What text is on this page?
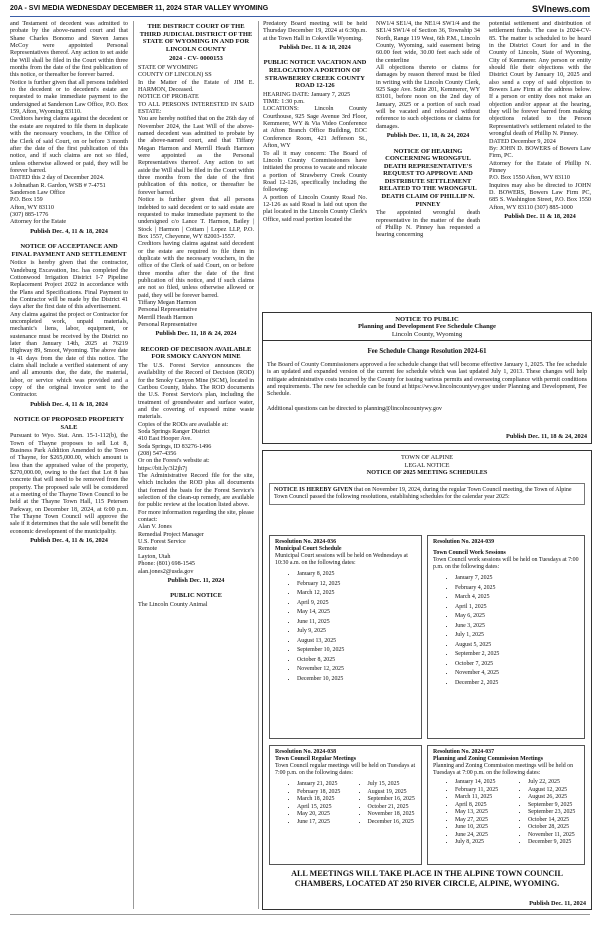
20A - SVI MEDIA WEDNESDAY DECEMBER 11, 2024 STAR VALLEY WYOMING	SVInews.com

and Testament of decedent was admitted to probate by the above-named court and that Shane Charles Bonomo and Steven James McCoy were appointed Personal Representatives thereof. Any action to set aside the Will shall be filed in the Court within three months from the date of the first publication of this notice, or thereafter be forever barred.

Notice is further given that all persons indebted to the decedent or to decedent's estate are requested to make immediate payment to the undersigned at Sanderson Law Office, P.O. Box 159, Afton, Wyoming 83110.

Creditors having claims against the decedent or the estate are required to file them in duplicate with the necessary vouchers, in the Office of the Clerk of said Court, on or before 3 month after the date of the first publication of this notice, and if such claims are not so filed, unless otherwise allowed or paid, they will be forever barred.

DATED this 2 day of December 2024.

s Johnathan R. Gardon, WSB # 7-4751

Sanderson Law Office

P.O. Box 159

Afton, WY 83110

(307) 885-1776

Attorney for the Estate

Publish Dec. 4, 11 & 18, 2024
NOTICE OF ACCEPTANCE AND FINAL PAYMENT AND SETTLEMENT

Notice is hereby given that the contractor, Vandeburg Excavation, Inc. has completed the Cottonwood Irrigation District I-7 Pipeline Replacement Project 2022 in accordance with the Plans and Specifications. Final Payment to the Contractor will be made by the District 41 days after the first date of this advertisement.

Any claims against the project or Contractor for uncompleted work, unpaid materials, mechanic's liens, labor, equipment, or sustenance must be received by the District no later than January 14th, 2025 at 76219 Highway 89, Smoot, Wyoming. The above date is 41 days from the date of this notice. The claim shall include a verified statement of any and all amounts due, the date, the material, labor, or service which was provided and a copy of the original invoice sent to the Contractor.

Publish Dec. 4, 11 & 18, 2024
NOTICE OF PROPOSED PROPERTY SALE

Pursuant to Wyo. Stat. Ann. 15-1-112(b), the Town of Thayne proposes to sell Lot 8, Business Park Addition Amended to the Town of Thayne, for $265,000.00, which amount is less than the appraised value of the property, $270,000.00, owing to the fact that Lot 8 has concrete that will need to be removed from the property. The proposed sale will be considered at a meeting of the Thayne Town Council to be held at the Thayne Town Hall, 115 Petersen Parkway, on December 18, 2024, at 6:00 p.m. The Thayne Town Council will approve the sale if it determines that the sale will benefit the economic development of the municipality.

Publish Dec. 4, 11 & 16, 2024
THE DISTRICT COURT OF THE THIRD JUDICIAL DISTRICT OF THE STATE OF WYOMING IN AND FOR LINCOLN COUNTY
2024 - CV- 0000153

STATE OF WYOMING

COUNTY OF LINCOLN) SS

In the Matter of the Estate of JIM E. HARMON, Deceased.

NOTICE OF PROBATE

TO ALL PERSONS INTERESTED IN SAID ESTATE:

You are hereby notified that on the 26th day of November 2024, the Last Will of the above-named decedent was admitted to probate by the above-named court, and that Tiffany Megan Harmon and Merrill Heath Harmon were appointed as the Personal Representatives thereof. Any action to set aside the Will shall be filed in the Court within three months from the date of the first publication of this notice, or thereafter be forever barred.

Notice is further given that all persons indebted to said decedent or to said estate are requested to make immediate payment to the undersigned c/o Lance T. Harmon, Bailey | Stock | Harmon | Cottam | Lopez LLP, P.O. Box 1557, Cheyenne, WY 82003-1557.

Creditors having claims against said decedent or the estate are required to file them in duplicate with the necessary vouchers, in the office of the Clerk of said Court, on or before three months after the date of the first publication of this notice, and if such claims are not so filed, unless otherwise allowed or paid, they will be forever barred.

Tiffany Megan Harmon

Personal Representative

Merrill Heath Harmon

Personal Representative

Publish Dec. 11, 18 & 24, 2024
RECORD OF DECISION AVAILABLE FOR SMOKY CANYON MINE

The U.S. Forest Service announces the availability of the Record of Decision (ROD) for the Smoky Canyon Mine (SCM), located in Caribou County, Idaho. The ROD documents the U.S. Forest Service's plan, including the treatment of groundwater and surface water, and the covering of exposed mine waste materials.

Copies of the RODs are available at:

Soda Springs Ranger District

410 East Hooper Ave.

Soda Springs, ID 83276-1496

(208) 547-4356

Or on the Forest's website at:

https://bit.ly/3l2jh7j

The Administrative Record file for the site, which includes the ROD plus all documents that formed the basis for the Forest Service's selection of the clean-up remedy, are available for public review at the location listed above.

For more information regarding the site, please contact:

Alan V. Jones

Remedial Project Manager

U.S. Forest Service

Remote

Layton, Utah

Phone: (801) 698-1545

alan.jones2@usda.gov

Publish Dec. 11, 2024
PUBLIC NOTICE

The Lincoln County Animal

Predatory Board meeting will be held Thursday December 19, 2024 at 6:30p.m. at the Town Hall in Cokeville Wyoming.

Publish Dec. 11 & 18, 2024
PUBLIC NOTICE VACATION AND RELOCATION A PORTION OF STRAWBERRY CREEK COUNTY ROAD 12-126

HEARING DATE: January 7, 2025

TIME: 1:30 p.m.

LOCATIONS: Lincoln County Courthouse, 925 Sage Avenue 3rd Floor, Kemmerer, WY & Via Video Conference at Afton Branch Office Building, EOC Conference Room, 421 Jefferson St., Afton, WY

To all it may concern: The Board of Lincoln County Commissioners have initiated the process to vacate and relocate a portion of Strawberry Creek County Road 12-126, specifically including the following:

A portion of Lincoln County Road No. 12-126 as said Road is laid out upon the plat located in the Lincoln County Clerk's Office, said road portion located the

NW1/4 SE1/4, the NE1/4 SW1/4 and the SE1/4 SW1/4 of Section 36, Township 34 North, Range 119 West, 6th P.M., Lincoln County, Wyoming, said easement being 60.00 feet wide, 30.00 feet each side of the centerline

All objections thereto or claims for damages by reason thereof must be filed in writing with the Lincoln County Clerk, 925 Sage Ave. Suite 201, Kemmerer, WY 83101, before noon on the 2nd day of January, 2025 or a portion of such road will be vacated and relocated without reference to such objections or claims for damages.

Publish Dec. 11, 18, & 24, 2024
NOTICE OF HEARING CONCERNING WRONGFUL DEATH REPRESENTATIVE'S REQUEST TO APPROVE AND DISTRIBUTE SETTLEMENT RELATED TO THE WRONGFUL DEATH CLAIM OF PHILLIP N. PINNEY

The appointed wrongful death representative in the matter of the death of Phillip N. Pinney has requested a hearing concerning

potential settlement and distribution of settlement funds. The case is 2024-CV-85. The matter is scheduled to be heard in the District Court for and in the County of Lincoln, State of Wyoming, City of Kemmerer. Any person or entity should file their objections with the District Court by January 10, 2025 and also send a copy of said objection to Bowers Law Firm at the address below. If a person or entity does not make an objection and/or appear at the hearing, they will be forever barred from making objections related to the Person Representative's settlement related to the wrongful death of Phillip N. Pinney.

DATED December 9, 2024

By: JOHN D. BOWERS of Bowers Law Firm, PC.

Attorney for the Estate of Phillip N. Pinney

P.O. Box 1550 Afton, WY 83110

Inquires may also be directed to JOHN D. BOWERS, Bowers Law Firm PC, 685 S. Washington Street, P.O. Box 1550 Afton, WY 83110 (307) 885-1000

Publish Dec. 11 & 18, 2024
NOTICE TO PUBLIC
Planning and Development Fee Schedule Change
Lincoln County, Wyoming
Fee Schedule Change Resolution 2024-61
The Board of County Commissioners approved a fee schedule change that will become effective January 1, 2025. The fee schedule is an updated and expanded version of the current fee schedule which was last updated July 1, 2013. These changes will help mitigate administrative costs incurred by the County for issuing various permits and overseeing compliance with permit conditions and requirements. The new fee schedule can be found at https://www.lincolncountywy.gov under Planning and Development, Fee Schedule.
Additional questions can be directed to planning@lincolncountywy.gov
Publish Dec. 11, 18 & 24, 2024
TOWN OF ALPINE
LEGAL NOTICE
NOTICE OF 2025 MEETING SCHEDULES
NOTICE IS HEREBY GIVEN that on November 19, 2024, during the regular Town Council meeting, the Town of Alpine Town Council passed the following resolutions, establishing schedules for the calendar year 2025:
Resolution No. 2024-036
Municipal Court Schedule
Municipal Court sessions will be held on Wednesdays at 10:30 a.m. on the following dates:
• January 8, 2025
• February 12, 2025
• March 12, 2025
• April 9, 2025
• May 14, 2025
• June 11, 2025
• July 9, 2025
• August 13, 2025
• September 10, 2025
• October 8, 2025
• November 12, 2025
• December 10, 2025
Resolution No. 2024-039
Town Council Work Sessions
Town Council work sessions will be held on Tuesdays at 7:00 p.m. on the following dates:
• January 7, 2025
• February 4, 2025
• March 4, 2025
• April 1, 2025
• May 6, 2025
• June 3, 2025
• July 1, 2025
• August 5, 2025
• September 2, 2025
• October 7, 2025
• November 4, 2025
• December 2, 2025
Resolution No. 2024-038
Town Council Regular Meetings
Town Council regular meetings will be held on Tuesdays at 7:00 p.m. on the following dates:
• January 21, 2025
• February 18, 2025
• March 18, 2025
• April 15, 2025
• May 20, 2025
• June 17, 2025
• July 15, 2025
• August 19, 2025
• September 16, 2025
• October 21, 2025
• November 18, 2025
• December 16, 2025
Resolution No. 2024-037
Planning and Zoning Commission Meetings
Planning and Zoning Commission meetings will be held on Tuesdays at 7:00 p.m. on the following dates:
• January 14, 2025
• February 11, 2025
• March 11, 2025
• April 8, 2025
• May 13, 2025
• May 27, 2025
• June 10, 2025
• June 24, 2025
• July 8, 2025
• July 22, 2025
• August 12, 2025
• August 26, 2025
• September 9, 2025
• September 23, 2025
• October 14, 2025
• October 28, 2025
• November 11, 2025
• December 9, 2025
ALL MEETINGS WILL TAKE PLACE IN THE ALPINE TOWN COUNCIL CHAMBERS, LOCATED AT 250 RIVER CIRCLE, ALPINE, WYOMING.
Publish Dec. 11, 2024
